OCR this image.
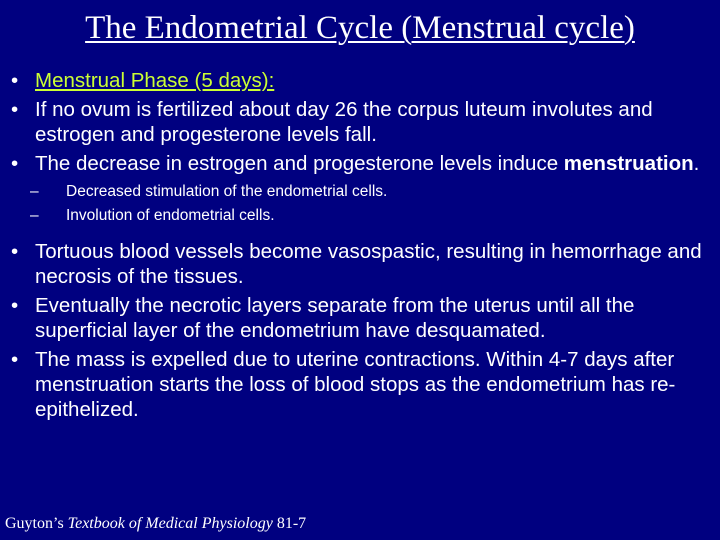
The Endometrial Cycle (Menstrual cycle)
• Menstrual Phase (5 days):
• If no ovum is fertilized about day 26 the corpus luteum involutes and estrogen and progesterone levels fall.
• The decrease in estrogen and progesterone levels induce menstruation.
– Decreased stimulation of the endometrial cells.
– Involution of endometrial cells.
• Tortuous blood vessels become vasospastic, resulting in hemorrhage and necrosis of the tissues.
• Eventually the necrotic layers separate from the uterus until all the superficial layer of the endometrium have desquamated.
• The mass is expelled due to uterine contractions. Within 4-7 days after menstruation starts the loss of blood stops as the endometrium has re-epithelized.
Guyton’s Textbook of Medical Physiology 81-7
